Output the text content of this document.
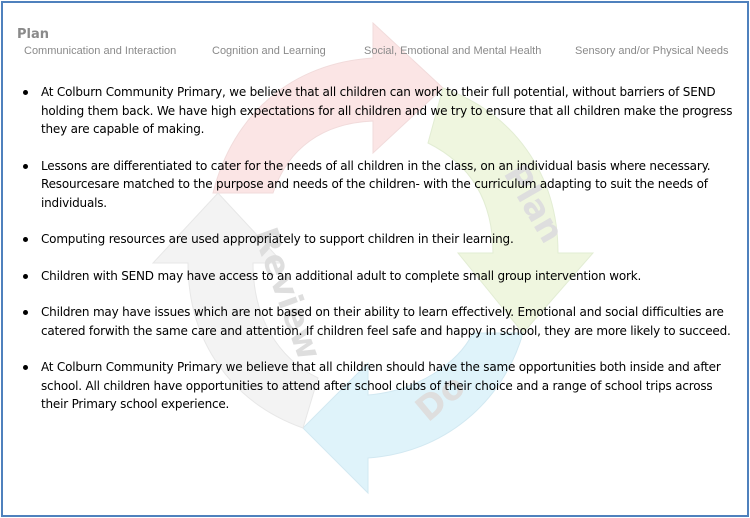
Plan
Do
Review
Plan
Communication and Interaction	Cognition and Learning	Social, Emotional and Mental Health	Sensory and/or Physical Needs
At Colburn Community Primary, we believe that all children can work to their full potential, without barriers of SEND holding them back. We have high expectations for all children and we try to ensure that all children make the progress they are capable of making.
Lessons are differentiated to cater for the needs of all children in the class, on an individual basis where necessary. Resourcesare matched to the purpose and needs of the children- with the curriculum adapting to suit the needs of individuals.
Computing resources are used appropriately to support children in their learning.
Children with SEND may have access to an additional adult to complete small group intervention work.
Children may have issues which are not based on their ability to learn effectively. Emotional and social difficulties are catered forwith the same care and attention. If children feel safe and happy in school, they are more likely to succeed.
At Colburn Community Primary we believe that all children should have the same opportunities both inside and after school. All children have opportunities to attend after school clubs of their choice and a range of school trips across their Primary school experience.
